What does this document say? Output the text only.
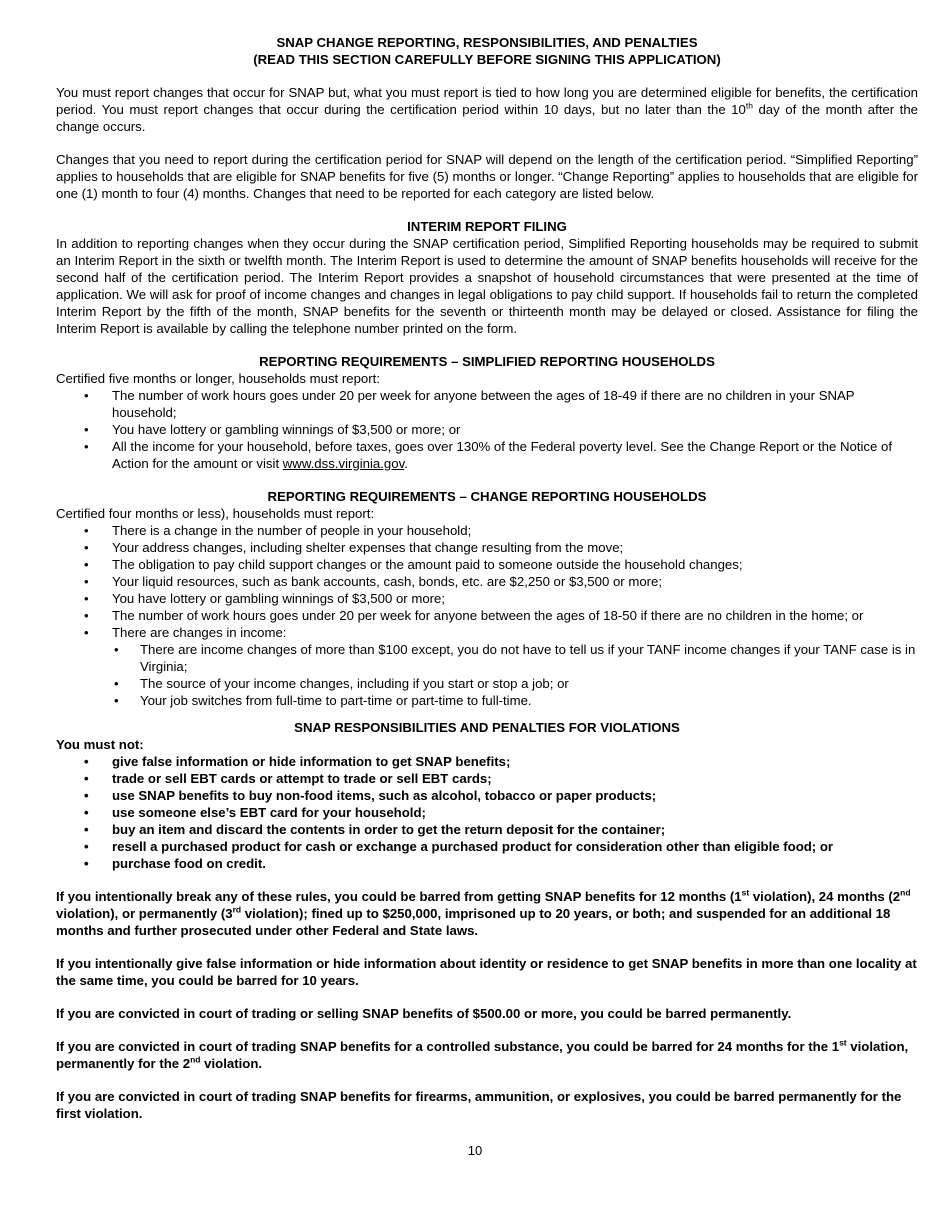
SNAP CHANGE REPORTING, RESPONSIBILITIES, AND PENALTIES

(READ THIS SECTION CAREFULLY BEFORE SIGNING THIS APPLICATION)

You must report changes that occur for SNAP but, what you must report is tied to how long you are determined eligible for benefits, the certification period. You must report changes that occur during the certification period within 10 days, but no later than the 10th day of the month after the change occurs.

Changes that you need to report during the certification period for SNAP will depend on the length of the certification period. “Simplified Reporting” applies to households that are eligible for SNAP benefits for five (5) months or longer. “Change Reporting” applies to households that are eligible for one (1) month to four (4) months. Changes that need to be reported for each category are listed below.

INTERIM REPORT FILING

In addition to reporting changes when they occur during the SNAP certification period, Simplified Reporting households may be required to submit an Interim Report in the sixth or twelfth month. The Interim Report is used to determine the amount of SNAP benefits households will receive for the second half of the certification period. The Interim Report provides a snapshot of household circumstances that were presented at the time of application. We will ask for proof of income changes and changes in legal obligations to pay child support. If households fail to return the completed Interim Report by the fifth of the month, SNAP benefits for the seventh or thirteenth month may be delayed or closed. Assistance for filing the Interim Report is available by calling the telephone number printed on the form.

REPORTING REQUIREMENTS – SIMPLIFIED REPORTING HOUSEHOLDS

Certified five months or longer, households must report:

• The number of work hours goes under 20 per week for anyone between the ages of 18-49 if there are no children in your SNAP household;
• You have lottery or gambling winnings of $3,500 or more; or
• All the income for your household, before taxes, goes over 130% of the Federal poverty level. See the Change Report or the Notice of Action for the amount or visit www.dss.virginia.gov.

REPORTING REQUIREMENTS – CHANGE REPORTING HOUSEHOLDS

Certified four months or less), households must report:

• There is a change in the number of people in your household;
• Your address changes, including shelter expenses that change resulting from the move;
• The obligation to pay child support changes or the amount paid to someone outside the household changes;
• Your liquid resources, such as bank accounts, cash, bonds, etc. are $2,250 or $3,500 or more;
• You have lottery or gambling winnings of $3,500 or more;
• The number of work hours goes under 20 per week for anyone between the ages of 18-50 if there are no children in the home; or
• There are changes in income:
• There are income changes of more than $100 except, you do not have to tell us if your TANF income changes if your TANF case is in Virginia;
• The source of your income changes, including if you start or stop a job; or
• Your job switches from full-time to part-time or part-time to full-time.

SNAP RESPONSIBILITIES AND PENALTIES FOR VIOLATIONS

You must not:

• give false information or hide information to get SNAP benefits;
• trade or sell EBT cards or attempt to trade or sell EBT cards;
• use SNAP benefits to buy non-food items, such as alcohol, tobacco or paper products;
• use someone else’s EBT card for your household;
• buy an item and discard the contents in order to get the return deposit for the container;
• resell a purchased product for cash or exchange a purchased product for consideration other than eligible food; or
• purchase food on credit.

If you intentionally break any of these rules, you could be barred from getting SNAP benefits for 12 months (1st violation), 24 months (2nd violation), or permanently (3rd violation); fined up to $250,000, imprisoned up to 20 years, or both; and suspended for an additional 18 months and further prosecuted under other Federal and State laws.

If you intentionally give false information or hide information about identity or residence to get SNAP benefits in more than one locality at the same time, you could be barred for 10 years.

If you are convicted in court of trading or selling SNAP benefits of $500.00 or more, you could be barred permanently.

If you are convicted in court of trading SNAP benefits for a controlled substance, you could be barred for 24 months for the 1st violation, permanently for the 2nd violation.

If you are convicted in court of trading SNAP benefits for firearms, ammunition, or explosives, you could be barred permanently for the first violation.

10
